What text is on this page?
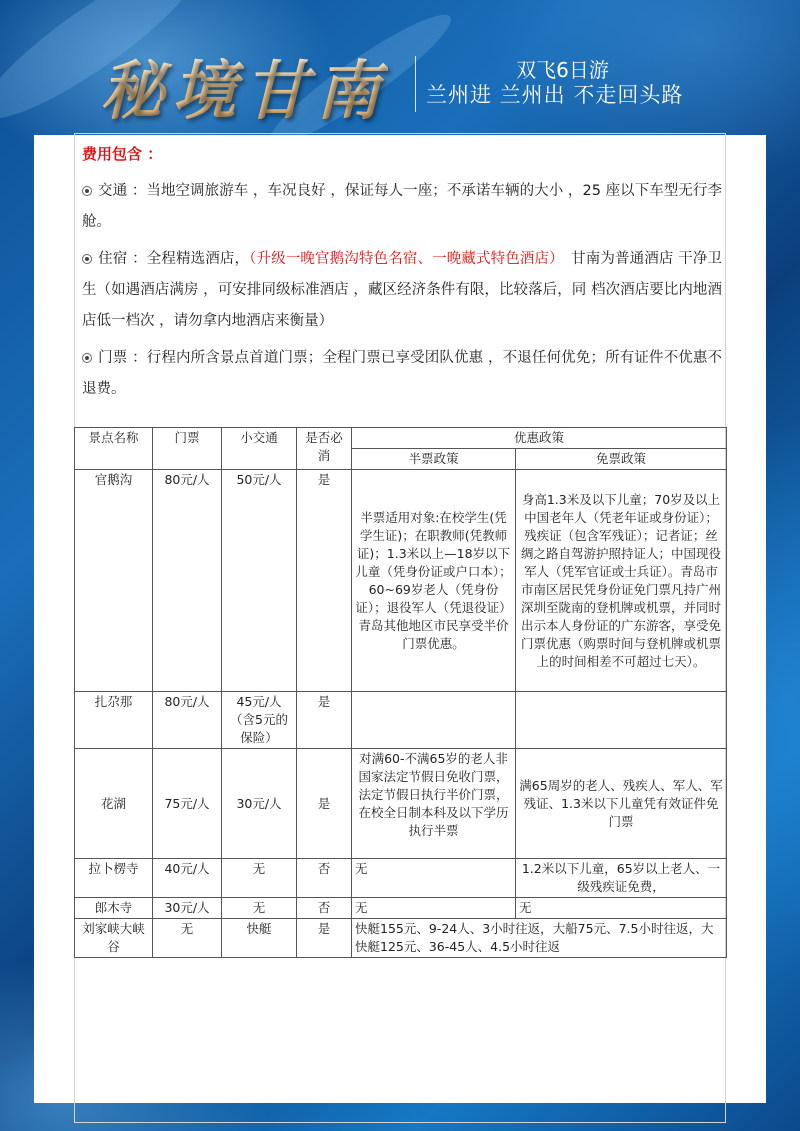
秘境甘南	双飞6日游
兰州进 兰州出 不走回头路
费用包含 ：

交通 ：当地空调旅游车 ，车况良好 ，保证每人一座；不承诺车辆的大小 ，25 座以下车型无行李舱。

住宿 ：全程精选酒店，（升级一晚官鹅沟特色名宿、一晚藏式特色酒店）　甘南为普通酒店 干净卫生（如遇酒店满房 ，可安排同级标准酒店 ，藏区经济条件有限，比较落后，同 档次酒店要比内地酒店低一档次 ，请勿拿内地酒店来衡量）

门票 ：行程内所含景点首道门票；全程门票已享受团队优惠 ，不退任何优免；所有证件不优惠不退费。

景点名称	门票	小交通	是否必消	优惠政策	
				半票政策	免票政策
官鹅沟	80元/人	50元/人	是	半票适用对象:在校学生(凭学生证)；在职教师(凭教师证)；1.3米以上—18岁以下儿童（凭身份证或户口本）；60~69岁老人（凭身份证）；退役军人（凭退役证）青岛其他地区市民享受半价门票优惠。	身高1.3米及以下儿童；70岁及以上中国老年人（凭老年证或身份证）；残疾证（包含军残证）；记者证；丝绸之路自驾游护照持证人；中国现役军人（凭军官证或士兵证）。青岛市市南区居民凭身份证免门票凡持广州深圳至陇南的登机牌或机票，并同时出示本人身份证的广东游客，享受免门票优惠（购票时间与登机牌或机票上的时间相差不可超过七天）。
扎尕那	80元/人	45元/人（含5元的保险）	是		
花湖	75元/人	30元/人	是	对满60-不满65岁的老人非国家法定节假日免收门票，法定节假日执行半价门票，在校全日制本科及以下学历执行半票	满65周岁的老人、残疾人、军人、军残证、1.3米以下儿童凭有效证件免门票
拉卜楞寺	40元/人	无	否	无	1.2米以下儿童，65岁以上老人、一级残疾证免费，
郎木寺	30元/人	无	否	无	无
刘家峡大峡谷	无	快艇	是	快艇155元、9-24人、3小时往返，大船75元、7.5小时往返，大快艇125元、36-45人、4.5小时往返	
